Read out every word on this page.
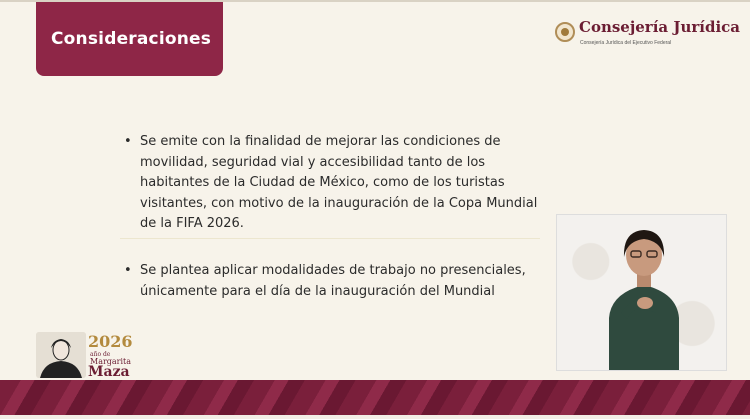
Consideraciones
Consejería Jurídica
Consejería Jurídica del Ejecutivo Federal
• Se emite con la finalidad de mejorar las condiciones de movilidad, seguridad vial y accesibilidad tanto de los habitantes de la Ciudad de México, como de los turistas visitantes, con motivo de la inauguración de la Copa Mundial de la FIFA 2026.
• Se plantea aplicar modalidades de trabajo no presenciales, únicamente para el día de la inauguración del Mundial
2026
año de
Margarita
Maza
